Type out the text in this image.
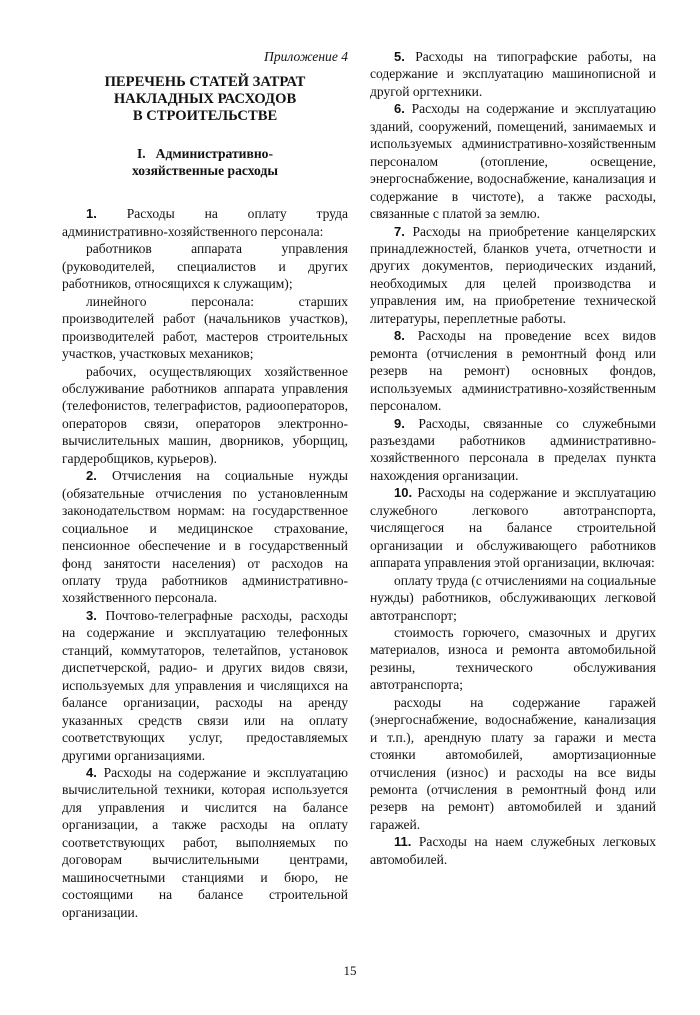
Приложение 4

ПЕРЕЧЕНЬ СТАТЕЙ ЗАТРАТ
НАКЛАДНЫХ РАСХОДОВ
В СТРОИТЕЛЬСТВЕ
I. Административно-
хозяйственные расходы

1. Расходы на оплату труда административно-хозяйственного персонала:

работников аппарата управления (руководителей, специалистов и других работников, относящихся к служащим);

линейного персонала: старших производителей работ (начальников участков), производителей работ, мастеров строительных участков, участковых механиков;

рабочих, осуществляющих хозяйственное обслуживание работников аппарата управления (телефонистов, телеграфистов, радиооператоров, операторов связи, операторов электронно-вычислительных машин, дворников, уборщиц, гардеробщиков, курьеров).

2. Отчисления на социальные нужды (обязательные отчисления по установленным законодательством нормам: на государственное социальное и медицинское страхование, пенсионное обеспечение и в государственный фонд занятости населения) от расходов на оплату труда работников административно-хозяйственного персонала.

3. Почтово-телеграфные расходы, расходы на содержание и эксплуатацию телефонных станций, коммутаторов, телетайпов, установок диспетчерской, радио- и других видов связи, используемых для управления и числящихся на балансе организации, расходы на аренду указанных средств связи или на оплату соответствующих услуг, предоставляемых другими организациями.

4. Расходы на содержание и эксплуатацию вычислительной техники, которая используется для управления и числится на балансе организации, а также расходы на оплату соответствующих работ, выполняемых по договорам вычислительными центрами, машиносчетными станциями и бюро, не состоящими на балансе строительной организации.

5. Расходы на типографские работы, на содержание и эксплуатацию машинописной и другой оргтехники.

6. Расходы на содержание и эксплуатацию зданий, сооружений, помещений, занимаемых и используемых административно-хозяйственным персоналом (отопление, освещение, энергоснабжение, водоснабжение, канализация и содержание в чистоте), а также расходы, связанные с платой за землю.

7. Расходы на приобретение канцелярских принадлежностей, бланков учета, отчетности и других документов, периодических изданий, необходимых для целей производства и управления им, на приобретение технической литературы, переплетные работы.

8. Расходы на проведение всех видов ремонта (отчисления в ремонтный фонд или резерв на ремонт) основных фондов, используемых административно-хозяйственным персоналом.

9. Расходы, связанные со служебными разъездами работников административно-хозяйственного персонала в пределах пункта нахождения организации.

10. Расходы на содержание и эксплуатацию служебного легкового автотранспорта, числящегося на балансе строительной организации и обслуживающего работников аппарата управления этой организации, включая:

оплату труда (с отчислениями на социальные нужды) работников, обслуживающих легковой автотранспорт;

стоимость горючего, смазочных и других материалов, износа и ремонта автомобильной резины, технического обслуживания автотранспорта;

расходы на содержание гаражей (энергоснабжение, водоснабжение, канализация и т.п.), арендную плату за гаражи и места стоянки автомобилей, амортизационные отчисления (износ) и расходы на все виды ремонта (отчисления в ремонтный фонд или резерв на ремонт) автомобилей и зданий гаражей.

11. Расходы на наем служебных легковых автомобилей.

15
